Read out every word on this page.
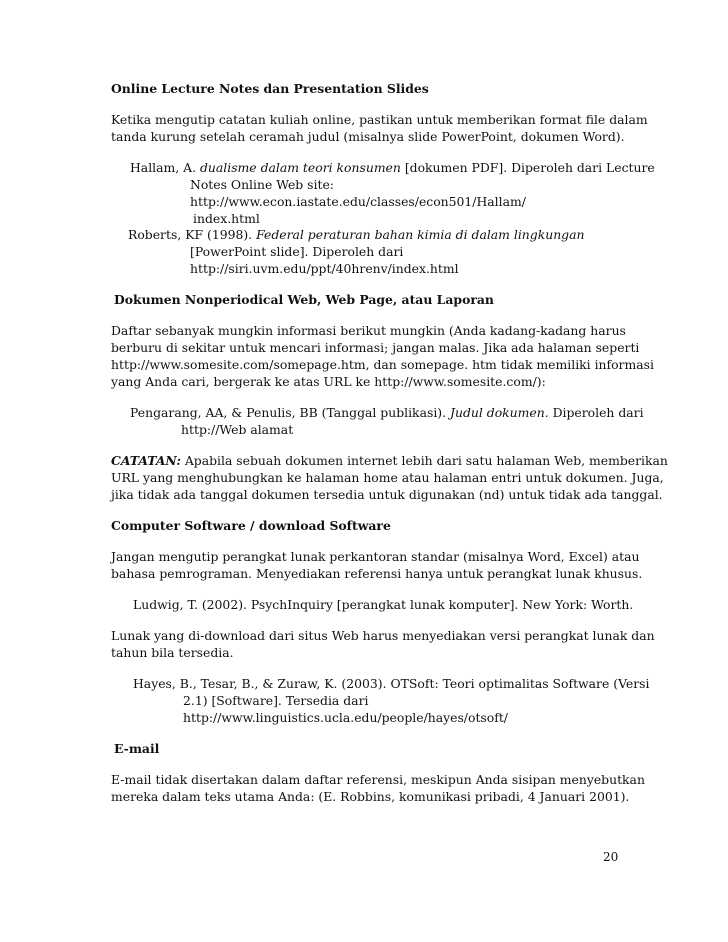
Online Lecture Notes dan Presentation Slides
Ketika mengutip catatan kuliah online, pastikan untuk memberikan format file dalam
tanda kurung setelah ceramah judul (misalnya slide PowerPoint, dokumen Word).
Hallam, A. dualisme dalam teori konsumen [dokumen PDF]. Diperoleh dari Lecture
Notes Online Web site:
http://www.econ.iastate.edu/classes/econ501/Hallam/
index.html
Roberts, KF (1998). Federal peraturan bahan kimia di dalam lingkungan
[PowerPoint slide]. Diperoleh dari
http://siri.uvm.edu/ppt/40hrenv/index.html
Dokumen Nonperiodical Web, Web Page, atau Laporan
Daftar sebanyak mungkin informasi berikut mungkin (Anda kadang-kadang harus
berburu di sekitar untuk mencari informasi; jangan malas. Jika ada halaman seperti
http://www.somesite.com/somepage.htm, dan somepage. htm tidak memiliki informasi
yang Anda cari, bergerak ke atas URL ke http://www.somesite.com/):
Pengarang, AA, & Penulis, BB (Tanggal publikasi). Judul dokumen. Diperoleh dari
http://Web alamat
CATATAN: Apabila sebuah dokumen internet lebih dari satu halaman Web, memberikan
URL yang menghubungkan ke halaman home atau halaman entri untuk dokumen. Juga,
jika tidak ada tanggal dokumen tersedia untuk digunakan (nd) untuk tidak ada tanggal.
Computer Software / download Software
Jangan mengutip perangkat lunak perkantoran standar (misalnya Word, Excel) atau
bahasa pemrograman. Menyediakan referensi hanya untuk perangkat lunak khusus.
Ludwig, T. (2002). PsychInquiry [perangkat lunak komputer]. New York: Worth.
Lunak yang di-download dari situs Web harus menyediakan versi perangkat lunak dan
tahun bila tersedia.
Hayes, B., Tesar, B., & Zuraw, K. (2003). OTSoft: Teori optimalitas Software (Versi
2.1) [Software]. Tersedia dari
http://www.linguistics.ucla.edu/people/hayes/otsoft/
E-mail
E-mail tidak disertakan dalam daftar referensi, meskipun Anda sisipan menyebutkan
mereka dalam teks utama Anda: (E. Robbins, komunikasi pribadi, 4 Januari 2001).
20
